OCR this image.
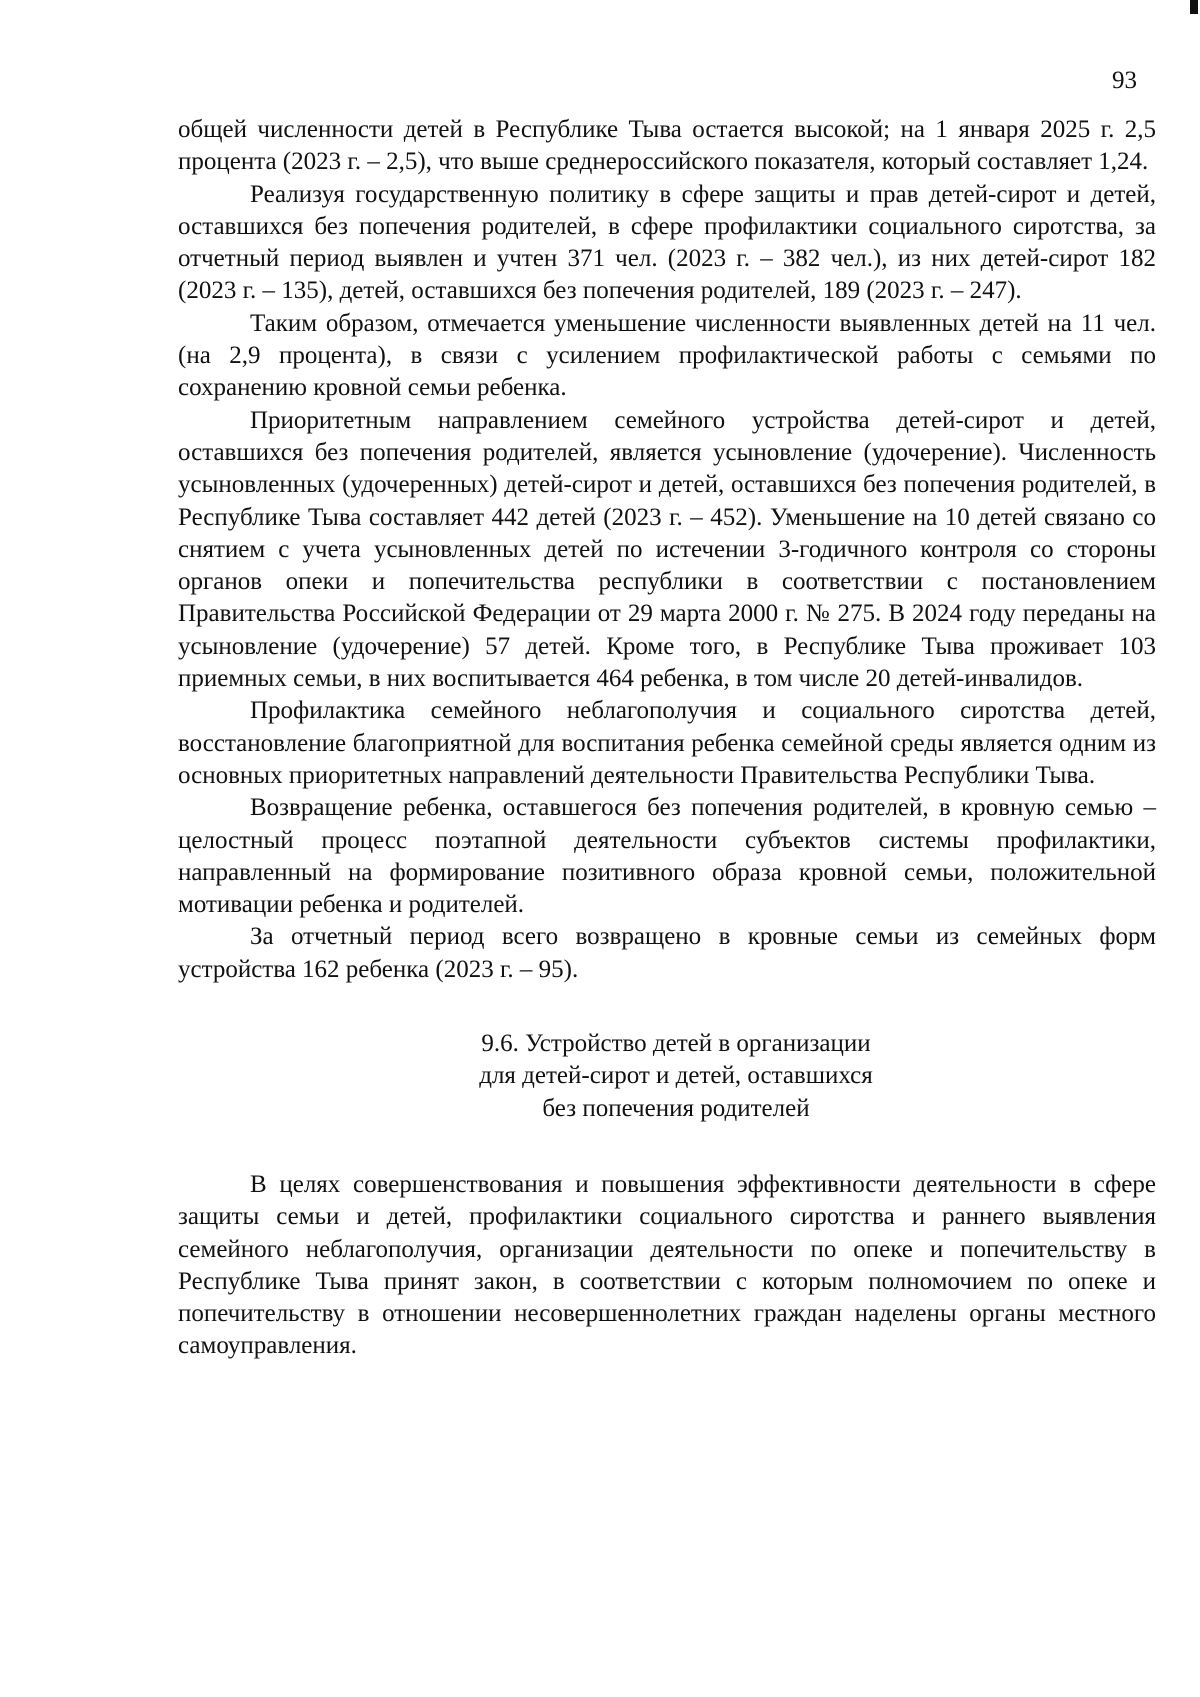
93

общей численности детей в Республике Тыва остается высокой; на 1 января 2025 г. 2,5 процента (2023 г. – 2,5), что выше среднероссийского показателя, который составляет 1,24.

Реализуя государственную политику в сфере защиты и прав детей-сирот и детей, оставшихся без попечения родителей, в сфере профилактики социального сиротства, за отчетный период выявлен и учтен 371 чел. (2023 г. – 382 чел.), из них детей-сирот 182 (2023 г. – 135), детей, оставшихся без попечения родителей, 189 (2023 г. – 247).

Таким образом, отмечается уменьшение численности выявленных детей на 11 чел. (на 2,9 процента), в связи с усилением профилактической работы с семьями по сохранению кровной семьи ребенка.

Приоритетным направлением семейного устройства детей-сирот и детей, оставшихся без попечения родителей, является усыновление (удочерение). Численность усыновленных (удочеренных) детей-сирот и детей, оставшихся без попечения родителей, в Республике Тыва составляет 442 детей (2023 г. – 452). Уменьшение на 10 детей связано со снятием с учета усыновленных детей по истечении 3-годичного контроля со стороны органов опеки и попечительства республики в соответствии с постановлением Правительства Российской Федерации от 29 марта 2000 г. № 275. В 2024 году переданы на усыновление (удочерение) 57 детей. Кроме того, в Республике Тыва проживает 103 приемных семьи, в них воспитывается 464 ребенка, в том числе 20 детей-инвалидов.

Профилактика семейного неблагополучия и социального сиротства детей, восстановление благоприятной для воспитания ребенка семейной среды является одним из основных приоритетных направлений деятельности Правительства Республики Тыва.

Возвращение ребенка, оставшегося без попечения родителей, в кровную семью – целостный процесс поэтапной деятельности субъектов системы профилактики, направленный на формирование позитивного образа кровной семьи, положительной мотивации ребенка и родителей.

За отчетный период всего возвращено в кровные семьи из семейных форм устройства 162 ребенка (2023 г. – 95).

9.6. Устройство детей в организации
для детей-сирот и детей, оставшихся
без попечения родителей

В целях совершенствования и повышения эффективности деятельности в сфере защиты семьи и детей, профилактики социального сиротства и раннего выявления семейного неблагополучия, организации деятельности по опеке и попечительству в Республике Тыва принят закон, в соответствии с которым полномочием по опеке и попечительству в отношении несовершеннолетних граждан наделены органы местного самоуправления.
